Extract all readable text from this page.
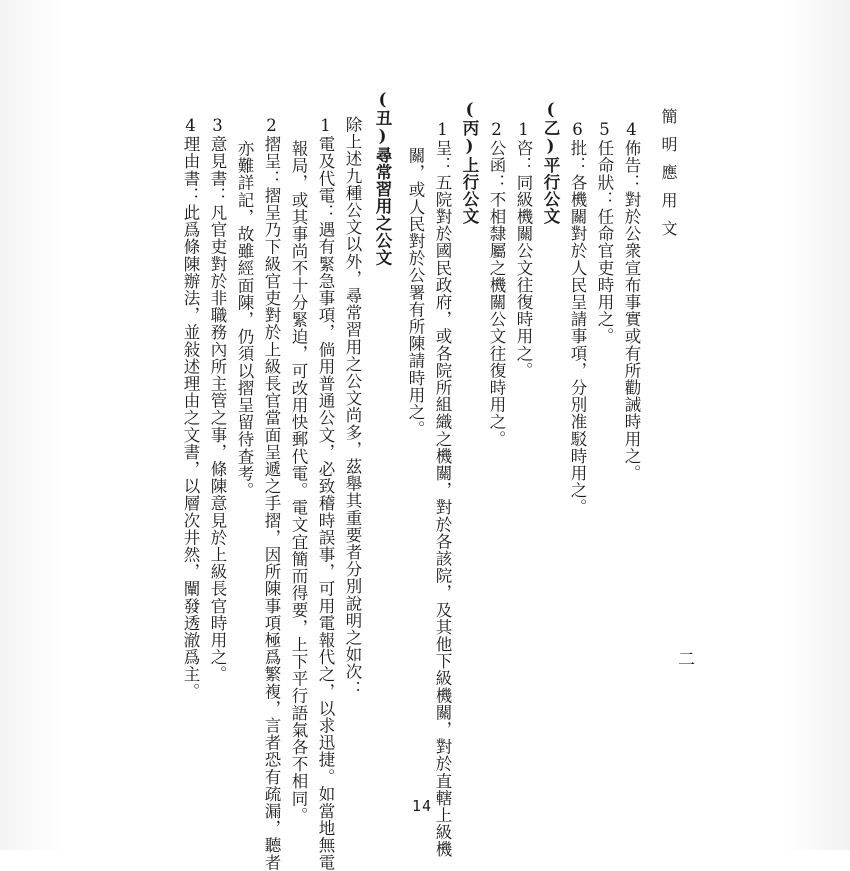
簡明應用文
二
4佈告：對於公衆宣布事實或有所勸誡時用之。
5任命狀：任命官吏時用之。
6批：各機關對於人民呈請事項，分別准駁時用之。
(乙)平行公文
1咨：同級機關公文往復時用之。
2公函：不相隸屬之機關公文往復時用之。
(丙)上行公文
1呈：五院對於國民政府，或各院所組織之機關，對於各該院，及其他下級機關，對於直轄上級機
關，或人民對於公署有所陳請時用之。
(丑)尋常習用之公文
除上述九種公文以外，尋常習用之公文尚多，茲舉其重要者分別說明之如次：
1電及代電：遇有緊急事項，倘用普通公文，必致稽時誤事，可用電報代之，以求迅捷。如當地無電
報局，或其事尚不十分緊迫，可改用快郵代電。電文宜簡而得要，上下平行語氣各不相同。
2摺呈：摺呈乃下級官吏對於上級長官當面呈遞之手摺，因所陳事項極爲繁複，言者恐有疏漏，聽者
亦難詳記，故雖經面陳，仍須以摺呈留待査考。
3意見書：凡官吏對於非職務內所主管之事，條陳意見於上級長官時用之。
4理由書：此爲條陳辦法，並敍述理由之文書，以層次井然，闡發透澈爲主。
14
